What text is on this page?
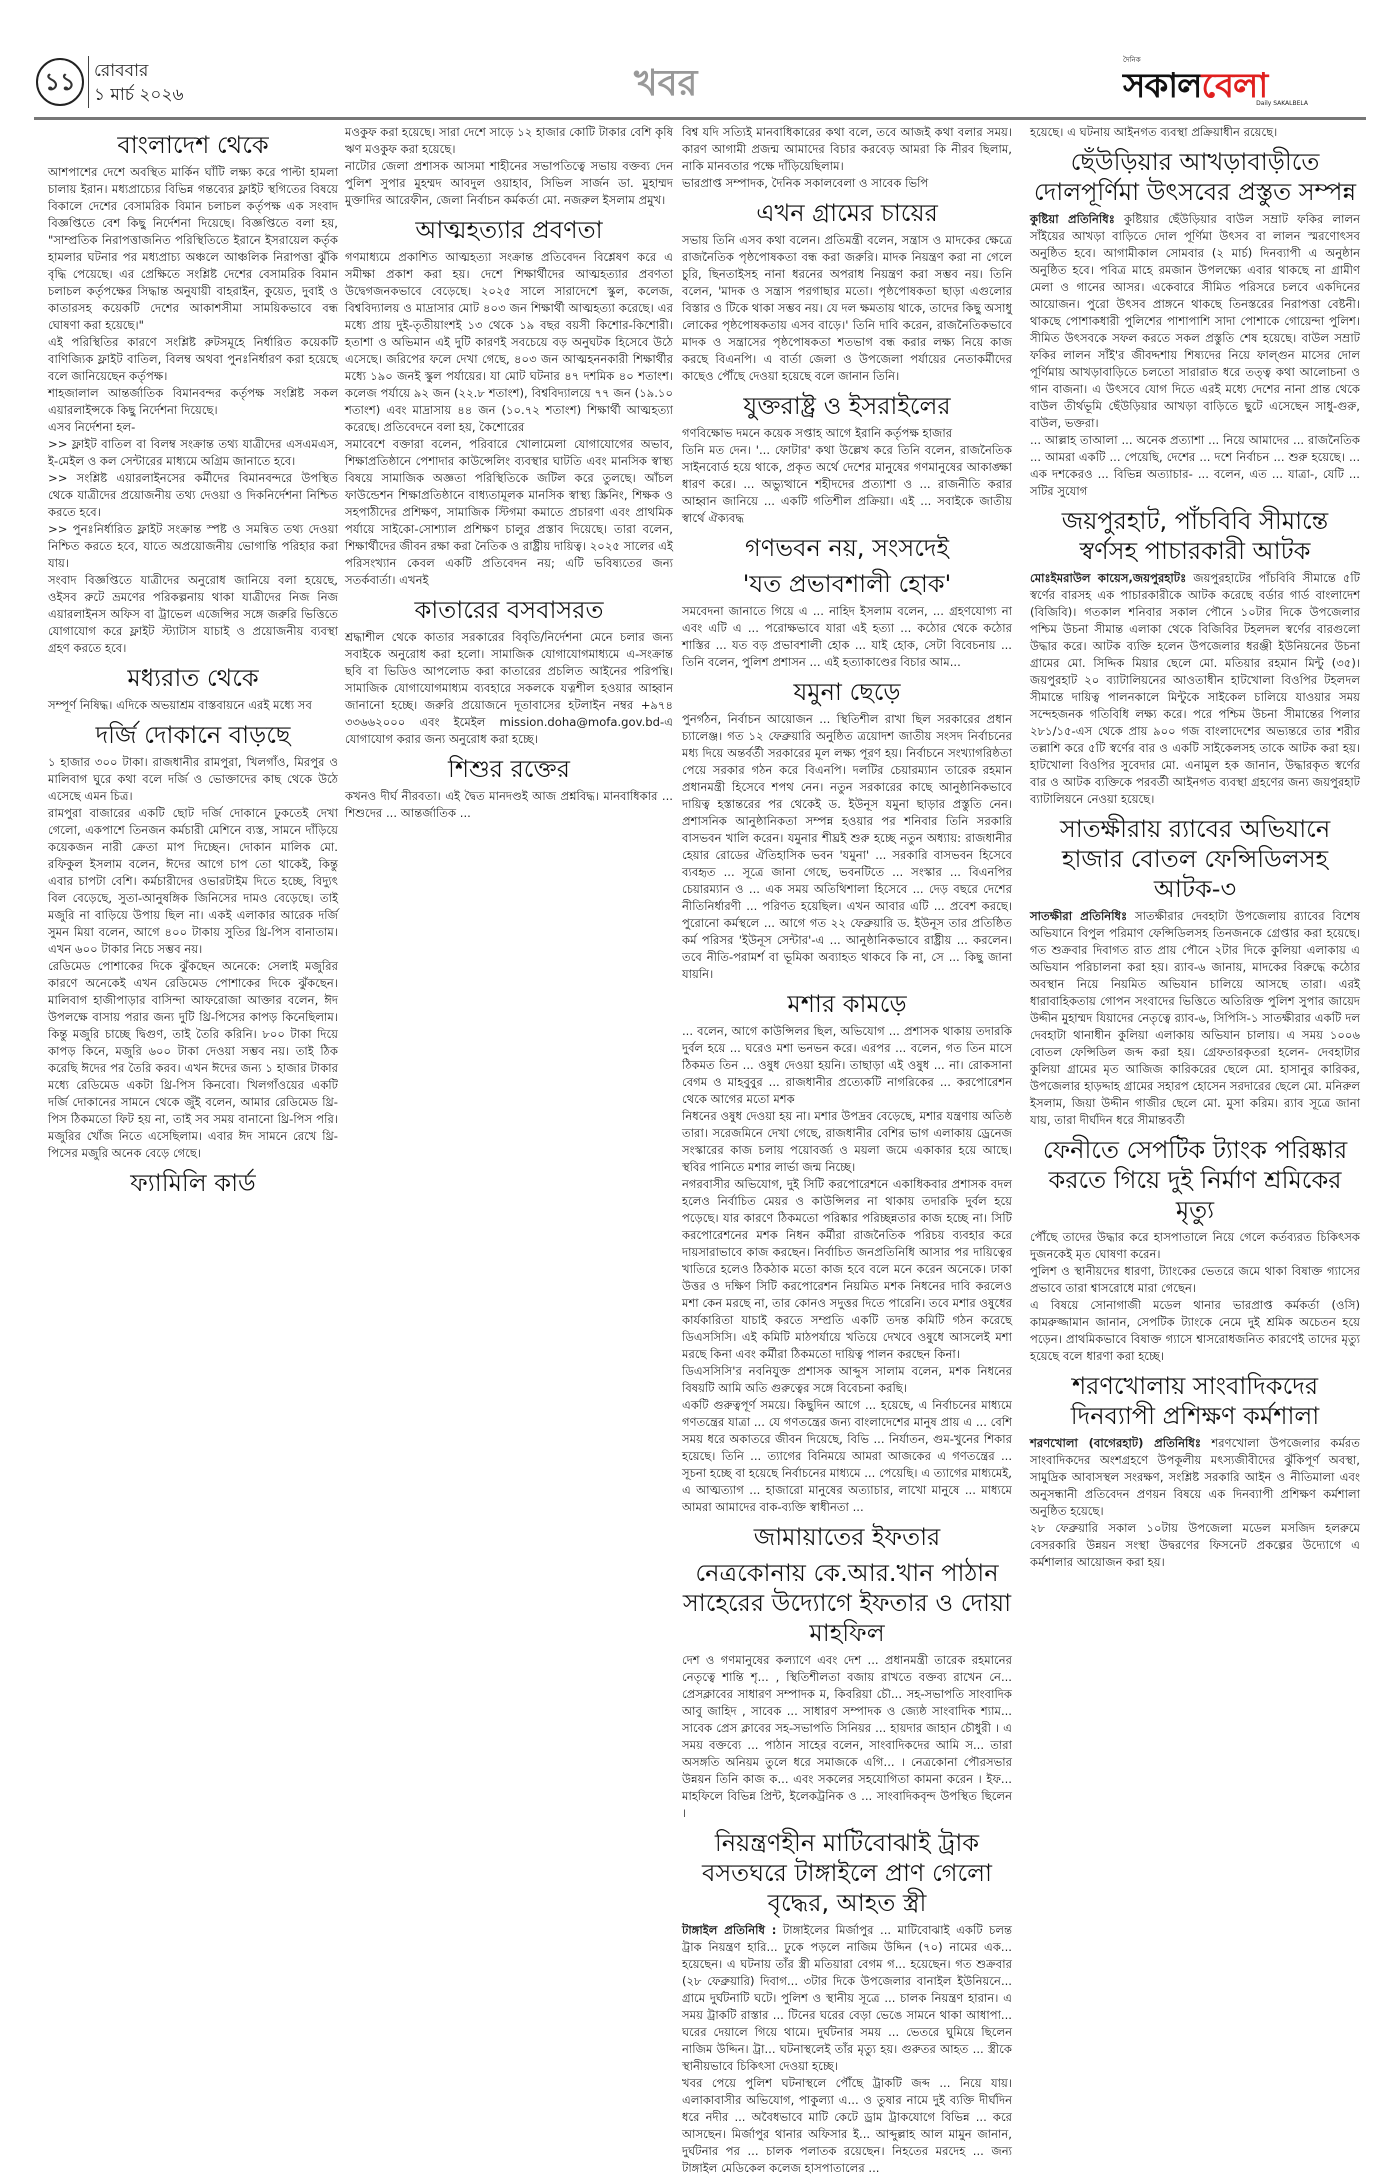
১১	রোববার
১ মার্চ ২০২৬	খবর
দৈনিক
সকালবেলা
Daily SAKALBELA
বাংলাদেশ থেকে

আশপাশের দেশে অবস্থিত মার্কিন ঘাঁটি লক্ষ্য করে পাল্টা হামলা চালায় ইরান। মধ্যপ্রাচ্যের বিভিন্ন গন্তব্যের ফ্লাইট স্থগিতের বিষয়ে বিকালে দেশের বেসামরিক বিমান চলাচল কর্তৃপক্ষ এক সংবাদ বিজ্ঞপ্তিতে বেশ কিছু নির্দেশনা দিয়েছে। বিজ্ঞপ্তিতে বলা হয়, "সাম্প্রতিক নিরাপত্তাজনিত পরিস্থিতিতে ইরানে ইসরায়েল কর্তৃক হামলার ঘটনার পর মধ্যপ্রাচ্য অঞ্চলে আঞ্চলিক নিরাপত্তা ঝুঁকি বৃদ্ধি পেয়েছে। এর প্রেক্ষিতে সংশ্লিষ্ট দেশের বেসামরিক বিমান চলাচল কর্তৃপক্ষের সিদ্ধান্ত অনুযায়ী বাহরাইন, কুয়েত, দুবাই ও কাতারসহ কয়েকটি দেশের আকাশসীমা সাময়িকভাবে বন্ধ ঘোষণা করা হয়েছে।"

এই পরিস্থিতির কারণে সংশ্লিষ্ট রুটসমূহে নির্ধারিত কয়েকটি বাণিজ্যিক ফ্লাইট বাতিল, বিলম্ব অথবা পুনঃনির্ধারণ করা হয়েছে বলে জানিয়েছেন কর্তৃপক্ষ।

শাহজালাল আন্তর্জাতিক বিমানবন্দর কর্তৃপক্ষ সংশ্লিষ্ট সকল এয়ারলাইন্সকে কিছু নির্দেশনা দিয়েছে।

এসব নির্দেশনা হল-

>> ফ্লাইট বাতিল বা বিলম্ব সংক্রান্ত তথ্য যাত্রীদের এসএমএস, ই-মেইল ও কল সেন্টারের মাধ্যমে অগ্রিম জানাতে হবে।

>> সংশ্লিষ্ট এয়ারলাইনসের কর্মীদের বিমানবন্দরে উপস্থিত থেকে যাত্রীদের প্রয়োজনীয় তথ্য দেওয়া ও দিকনির্দেশনা নিশ্চিত করতে হবে।

>> পুনঃনির্ধারিত ফ্লাইট সংক্রান্ত স্পষ্ট ও সমন্বিত তথ্য দেওয়া নিশ্চিত করতে হবে, যাতে অপ্রয়োজনীয় ভোগান্তি পরিহার করা যায়।

সংবাদ বিজ্ঞপ্তিতে যাত্রীদের অনুরোধ জানিয়ে বলা হয়েছে, ওইসব রুটে ভ্রমণের পরিকল্পনায় থাকা যাত্রীদের নিজ নিজ এয়ারলাইনস অফিস বা ট্রাভেল এজেন্সির সঙ্গে জরুরি ভিত্তিতে যোগাযোগ করে ফ্লাইট স্ট্যাটাস যাচাই ও প্রয়োজনীয় ব্যবস্থা গ্রহণ করতে হবে।

মধ্যরাত থেকে

সম্পূর্ণ নিষিদ্ধ। এদিকে অভয়াশ্রম বাস্তবায়নে এরই মধ্যে সব

দর্জি দোকানে বাড়ছে

১ হাজার ৩০০ টাকা। রাজধানীর রামপুরা, খিলগাঁও, মিরপুর ও মালিবাগ ঘুরে কথা বলে দর্জি ও ভোক্তাদের কাছ থেকে উঠে এসেছে এমন চিত্র।

রামপুরা বাজারের একটি ছোট দর্জি দোকানে ঢুকতেই দেখা গেলো, একপাশে তিনজন কর্মচারী মেশিনে ব্যস্ত, সামনে দাঁড়িয়ে কয়েকজন নারী ক্রেতা মাপ দিচ্ছেন। দোকান মালিক মো. রফিকুল ইসলাম বলেন, ঈদের আগে চাপ তো থাকেই, কিন্তু এবার চাপটা বেশি। কর্মচারীদের ওভারটাইম দিতে হচ্ছে, বিদ্যুৎ বিল বেড়েছে, সুতা-আনুষঙ্গিক জিনিসের দামও বেড়েছে। তাই মজুরি না বাড়িয়ে উপায় ছিল না। একই এলাকার আরেক দর্জি সুমন মিয়া বলেন, আগে ৪০০ টাকায় সুতির থ্রি-পিস বানাতাম। এখন ৬০০ টাকার নিচে সম্ভব নয়।

রেডিমেড পোশাকের দিকে ঝুঁকছেন অনেকে: সেলাই মজুরির কারণে অনেকেই এখন রেডিমেড পোশাকের দিকে ঝুঁকছেন। মালিবাগ হাজীপাড়ার বাসিন্দা আফরোজা আক্তার বলেন, ঈদ উপলক্ষে বাসায় পরার জন্য দুটি থ্রি-পিসের কাপড় কিনেছিলাম। কিন্তু মজুরি চাচ্ছে দ্বিগুণ, তাই তৈরি করিনি। ৮০০ টাকা দিয়ে কাপড় কিনে, মজুরি ৬০০ টাকা দেওয়া সম্ভব নয়। তাই ঠিক করেছি ঈদের পর তৈরি করব। এখন ঈদের জন্য ১ হাজার টাকার মধ্যে রেডিমেড একটা থ্রি-পিস কিনবো। খিলগাঁওয়ের একটি দর্জি দোকানের সামনে থেকে জুঁই বলেন, আমার রেডিমেড থ্রি-পিস ঠিকমতো ফিট হয় না, তাই সব সময় বানানো থ্রি-পিস পরি। মজুরির খোঁজ নিতে এসেছিলাম। এবার ঈদ সামনে রেখে থ্রি-পিসের মজুরি অনেক বেড়ে গেছে।

ফ্যামিলি কার্ড

মওকুফ করা হয়েছে। সারা দেশে সাড়ে ১২ হাজার কোটি টাকার বেশি কৃষি ঋণ মওকুফ করা হয়েছে।

নাটোর জেলা প্রশাসক আসমা শাহীনের সভাপতিত্বে সভায় বক্তব্য দেন পুলিশ সুপার মুহম্মদ আবদুল ওয়াহাব, সিভিল সার্জন ডা. মুহাম্মদ মুক্তাদির আরেফীন, জেলা নির্বাচন কর্মকর্তা মো. নজরুল ইসলাম প্রমুখ।

আত্মহত্যার প্রবণতা

গণমাধ্যমে প্রকাশিত আত্মহত্যা সংক্রান্ত প্রতিবেদন বিশ্লেষণ করে এ সমীক্ষা প্রকাশ করা হয়। দেশে শিক্ষার্থীদের আত্মহত্যার প্রবণতা উদ্বেগজনকভাবে বেড়েছে। ২০২৫ সালে সারাদেশে স্কুল, কলেজ, বিশ্ববিদ্যালয় ও মাদ্রাসার মোট ৪০৩ জন শিক্ষার্থী আত্মহত্যা করেছে। এর মধ্যে প্রায় দুই-তৃতীয়াংশই ১৩ থেকে ১৯ বছর বয়সী কিশোর-কিশোরী। হতাশা ও অভিমান এই দুটি কারণই সবচেয়ে বড় অনুঘটক হিসেবে উঠে এসেছে। জরিপের ফলে দেখা গেছে, ৪০৩ জন আত্মহননকারী শিক্ষার্থীর মধ্যে ১৯০ জনই স্কুল পর্যায়ের। যা মোট ঘটনার ৪৭ দশমিক ৪০ শতাংশ। কলেজ পর্যায়ে ৯২ জন (২২.৮ শতাংশ), বিশ্ববিদ্যালয়ে ৭৭ জন (১৯.১০ শতাংশ) এবং মাদ্রাসায় ৪৪ জন (১০.৭২ শতাংশ) শিক্ষার্থী আত্মহত্যা করেছে। প্রতিবেদনে বলা হয়, কৈশোরের

সমাবেশে বক্তারা বলেন, পরিবারে খোলামেলা যোগাযোগের অভাব, শিক্ষাপ্রতিষ্ঠানে পেশাদার কাউন্সেলিং ব্যবস্থার ঘাটতি এবং মানসিক স্বাস্থ্য বিষয়ে সামাজিক অজ্ঞতা পরিস্থিতিকে জটিল করে তুলছে। আঁচল ফাউন্ডেশন শিক্ষাপ্রতিষ্ঠানে বাধ্যতামূলক মানসিক স্বাস্থ্য স্ক্রিনিং, শিক্ষক ও সহপাঠীদের প্রশিক্ষণ, সামাজিক স্টিগমা কমাতে প্রচারণা এবং প্রাথমিক পর্যায়ে সাইকো-সোশ্যাল প্রশিক্ষণ চালুর প্রস্তাব দিয়েছে। তারা বলেন, শিক্ষার্থীদের জীবন রক্ষা করা নৈতিক ও রাষ্ট্রীয় দায়িত্ব। ২০২৫ সালের এই পরিসংখ্যান কেবল একটি প্রতিবেদন নয়; এটি ভবিষ্যতের জন্য সতর্কবার্তা। এখনই

কাতারের বসবাসরত

শ্রদ্ধাশীল থেকে কাতার সরকারের বিবৃতি/নির্দেশনা মেনে চলার জন্য সবাইকে অনুরোধ করা হলো। সামাজিক যোগাযোগমাধ্যমে এ-সংক্রান্ত ছবি বা ভিডিও আপলোড করা কাতারের প্রচলিত আইনের পরিপন্থি। সামাজিক যোগাযোগমাধ্যম ব্যবহারে সকলকে যত্নশীল হওয়ার আহ্বান জানানো হচ্ছে। জরুরি প্রয়োজনে দূতাবাসের হটলাইন নম্বর +৯৭৪ ৩৩৬৬২০০০ এবং ইমেইল mission.doha@mofa.gov.bd-এ যোগাযোগ করার জন্য অনুরোধ করা হচ্ছে।

শিশুর রক্তের

কখনও দীর্ঘ নীরবতা। এই দ্বৈত মানদণ্ডই আজ প্রশ্নবিদ্ধ। মানবাধিকার ... শিশুদের ... আন্তর্জাতিক ...

বিশ্ব যদি সত্যিই মানবাধিকারের কথা বলে, তবে আজই কথা বলার সময়। কারণ আগামী প্রজন্ম আমাদের বিচার করবেড় আমরা কি নীরব ছিলাম, নাকি মানবতার পক্ষে দাঁড়িয়েছিলাম।

ভারপ্রাপ্ত সম্পাদক, দৈনিক সকালবেলা ও সাবেক ভিপি

এখন গ্রামের চায়ের

সভায় তিনি এসব কথা বলেন। প্রতিমন্ত্রী বলেন, সন্ত্রাস ও মাদকের ক্ষেত্রে রাজনৈতিক পৃষ্ঠপোষকতা বন্ধ করা জরুরি। মাদক নিয়ন্ত্রণ করা না গেলে চুরি, ছিনতাইসহ নানা ধরনের অপরাধ নিয়ন্ত্রণ করা সম্ভব নয়। তিনি বলেন, 'মাদক ও সন্ত্রাস পরগাছার মতো। পৃষ্ঠপোষকতা ছাড়া এগুলোর বিস্তার ও টিকে থাকা সম্ভব নয়। যে দল ক্ষমতায় থাকে, তাদের কিছু অসাধু লোকের পৃষ্ঠপোষকতায় এসব বাড়ে।' তিনি দাবি করেন, রাজনৈতিকভাবে মাদক ও সন্ত্রাসের পৃষ্ঠপোষকতা শতভাগ বন্ধ করার লক্ষ্য নিয়ে কাজ করছে বিএনপি। এ বার্তা জেলা ও উপজেলা পর্যায়ের নেতাকর্মীদের কাছেও পৌঁছে দেওয়া হয়েছে বলে জানান তিনি।

যুক্তরাষ্ট্র ও ইসরাইলের

গণবিক্ষোভ দমনে কয়েক সপ্তাহ আগে ইরানি কর্তৃপক্ষ হাজার

তিনি মত দেন। '... ফোটার' কথা উল্লেখ করে তিনি বলেন, রাজনৈতিক সাইনবোর্ড হয়ে থাকে, প্রকৃত অর্থে দেশের মানুষের গণমানুষের আকাঙ্ক্ষা ধারণ করে। ... অভ্যুত্থানে শহীদদের প্রত্যাশা ও ... রাজনীতি করার আহ্বান জানিয়ে ... একটি গতিশীল প্রক্রিয়া। এই ... সবাইকে জাতীয় স্বার্থে ঐক্যবদ্ধ

গণভবন নয়, সংসদেই
'যত প্রভাবশালী হোক'

সমবেদনা জানাতে গিয়ে এ ... নাহিদ ইসলাম বলেন, ... গ্রহণযোগ্য না এবং এটি এ ... পরোক্ষভাবে যারা এই হত্যা ... কঠোর থেকে কঠোর শাস্তির ... যত বড় প্রভাবশালী হোক ... যাই হোক, সেটা বিবেচনায় ... তিনি বলেন, পুলিশ প্রশাসন ... এই হত্যাকাণ্ডের বিচার আম...

যমুনা ছেড়ে

পুনর্গঠন, নির্বাচন আয়োজন ... স্থিতিশীল রাখা ছিল সরকারের প্রধান চ্যালেঞ্জ। গত ১২ ফেব্রুয়ারি অনুষ্ঠিত ত্রয়োদশ জাতীয় সংসদ নির্বাচনের মধ্য দিয়ে অন্তর্বর্তী সরকারের মূল লক্ষ্য পূরণ হয়। নির্বাচনে সংখ্যাগরিষ্ঠতা পেয়ে সরকার গঠন করে বিএনপি। দলটির চেয়ারম্যান তারেক রহমান প্রধানমন্ত্রী হিসেবে শপথ নেন। নতুন সরকারের কাছে আনুষ্ঠানিকভাবে দায়িত্ব হস্তান্তরের পর থেকেই ড. ইউনূস যমুনা ছাড়ার প্রস্তুতি নেন। প্রশাসনিক আনুষ্ঠানিকতা সম্পন্ন হওয়ার পর শনিবার তিনি সরকারি বাসভবন খালি করেন। যমুনার শীঘ্রই শুরু হচ্ছে নতুন অধ্যায়: রাজধানীর হেয়ার রোডের ঐতিহাসিক ভবন 'যমুনা' ... সরকারি বাসভবন হিসেবে ব্যবহৃত ... সূত্রে জানা গেছে, ভবনটিতে ... সংস্কার ... বিএনপির চেয়ারম্যান ও ... এক সময় অতিথিশালা হিসেবে ... দেড় বছরে দেশের নীতিনির্ধারণী ... পরিণত হয়েছিল। এখন আবার এটি ... প্রবেশ করছে। পুরোনো কর্মস্থলে ... আগে গত ২২ ফেব্রুয়ারি ড. ইউনূস তার প্রতিষ্ঠিত কর্ম পরিসর 'ইউনূস সেন্টার'-এ ... আনুষ্ঠানিকভাবে রাষ্ট্রীয় ... করলেন। তবে নীতি-পরামর্শ বা ভূমিকা অব্যাহত থাকবে কি না, সে ... কিছু জানা যায়নি।

মশার কামড়ে

... বলেন, আগে কাউন্সিলর ছিল, অভিযোগ ... প্রশাসক থাকায় তদারকি দুর্বল হয়ে ... ঘরেও মশা ভনভন করে। এরপর ... বলেন, গত তিন মাসে ঠিকমত তিন ... ওষুধ দেওয়া হয়নি। তাছাড়া এই ওষুধ ... না। রোকসানা বেগম ও মাহবুবুর ... রাজধানীর প্রত্যেকটি নাগরিকের ... করপোরেশন থেকে আগের মতো মশক

নিধনের ওষুধ দেওয়া হয় না। মশার উপদ্রব বেড়েছে, মশার যন্ত্রণায় অতিষ্ঠ তারা। সরেজমিনে দেখা গেছে, রাজধানীর বেশির ভাগ এলাকায় ড্রেনেজ সংস্কারের কাজ চলায় পয়োবর্জ্য ও ময়লা জমে একাকার হয়ে আছে। স্থবির পানিতে মশার লার্ভা জন্ম নিচ্ছে।

নগরবাসীর অভিযোগ, দুই সিটি করপোরেশনে একাধিকবার প্রশাসক বদল হলেও নির্বাচিত মেয়র ও কাউন্সিলর না থাকায় তদারকি দুর্বল হয়ে পড়েছে। যার কারণে ঠিকমতো পরিষ্কার পরিচ্ছন্নতার কাজ হচ্ছে না। সিটি করপোরেশনের মশক নিধন কর্মীরা রাজনৈতিক পরিচয় ব্যবহার করে দায়সারাভাবে কাজ করছেন। নির্বাচিত জনপ্রতিনিধি আসার পর দায়িত্বের খাতিরে হলেও ঠিকঠাক মতো কাজ হবে বলে মনে করেন অনেকে। ঢাকা উত্তর ও দক্ষিণ সিটি করপোরেশন নিয়মিত মশক নিধনের দাবি করলেও মশা কেন মরছে না, তার কোনও সদুত্তর দিতে পারেনি। তবে মশার ওষুধের কার্যকারিতা যাচাই করতে সম্প্রতি একটি তদন্ত কমিটি গঠন করেছে ডিএসসিসি। এই কমিটি মাঠপর্যায়ে খতিয়ে দেখবে ওষুধে আসলেই মশা মরছে কিনা এবং কর্মীরা ঠিকমতো দায়িত্ব পালন করছেন কিনা।

ডিএসসিসি'র নবনিযুক্ত প্রশাসক আব্দুস সালাম বলেন, মশক নিধনের বিষয়টি আমি অতি গুরুত্বের সঙ্গে বিবেচনা করছি।

একটি গুরুত্বপূর্ণ সময়ে। কিছুদিন আগে ... হয়েছে, এ নির্বাচনের মাধ্যমে গণতন্ত্রের যাত্রা ... যে গণতন্ত্রের জন্য বাংলাদেশের মানুষ প্রায় এ ... বেশি সময় ধরে অকাতরে জীবন দিয়েছে, বিভি ... নির্যাতন, গুম-খুনের শিকার হয়েছে। তিনি ... ত্যাগের বিনিময়ে আমরা আজকের এ গণতন্ত্রের ... সূচনা হচ্ছে বা হয়েছে নির্বাচনের মাধ্যমে ... পেয়েছি। এ ত্যাগের মাধ্যমেই, এ আত্মত্যাগ ... হাজারো মানুষের অত্যাচার, লাখো মানুষে ... মাধ্যমে আমরা আমাদের বাক-ব্যক্তি স্বাধীনতা ...

জামায়াতের ইফতার
নেত্রকোনায় কে.আর.খান পাঠান সাহেরের উদ্যোগে ইফতার ও দোয়া মাহফিল

দেশ ও গণমানুষের কল্যাণে এবং দেশ ... প্রধানমন্ত্রী তারেক রহমানের নেতৃত্বে শান্তি শৃ... , স্থিতিশীলতা বজায় রাখতে বক্তব্য রাখেন নে... প্রেসক্লাবের সাধারণ সম্পাদক ম, কিবরিয়া চৌ... সহ-সভাপতি সাংবাদিক আবু জাহিদ , সাবেক ... সাধারণ সম্পাদক ও জ্যেষ্ঠ সাংবাদিক শ্যাম... সাবেক প্রেস ক্লাবের সহ-সভাপতি সিনিয়র ... হায়দার জাহান চৌধুরী । এ সময় বক্তব্যে ... পাঠান সাহের বলেন, সাংবাদিকদের আমি স... তারা অসঙ্গতি অনিয়ম তুলে ধরে সমাজকে এগি... । নেত্রকোনা পৌরসভার উন্নয়ন তিনি কাজ ক... এবং সকলের সহযোগিতা কামনা করেন । ইফ... মাহফিলে বিভিন্ন প্রিন্ট, ইলেকট্রনিক ও ... সাংবাদিকবৃন্দ উপস্থিত ছিলেন ।

নিয়ন্ত্রণহীন মাটিবোঝাই ট্রাক বসতঘরে টাঙ্গাইলে প্রাণ গেলো বৃদ্ধের, আহত স্ত্রী

টাঙ্গাইল প্রতিনিধি : টাঙ্গাইলের মির্জাপুর ... মাটিবোঝাই একটি চলন্ত ট্রাক নিয়ন্ত্রণ হারি... ঢুকে পড়লে নাজিম উদ্দিন (৭০) নামের এক... হয়েছেন। এ ঘটনায় তাঁর স্ত্রী মতিয়ারা বেগম গ... হয়েছেন। গত শুক্রবার (২৮ ফেব্রুয়ারি) দিবাগ... ৩টার দিকে উপজেলার বানাইল ইউনিয়নে... গ্রামে দুর্ঘটনাটি ঘটে। পুলিশ ও স্থানীয় সূত্রে ... চালক নিয়ন্ত্রণ হারান। এ সময় ট্রাকটি রাস্তার ... টিনের ঘরের বেড়া ভেঙে সামনে থাকা আধাপা... ঘরের দেয়ালে গিয়ে থামে। দুর্ঘটনার সময় ... ভেতরে ঘুমিয়ে ছিলেন নাজিম উদ্দিন। ট্রা... ঘটনাস্থলেই তাঁর মৃত্যু হয়। গুরুতর আহত ... স্ত্রীকে স্থানীয়ভাবে চিকিৎসা দেওয়া হচ্ছে।

খবর পেয়ে পুলিশ ঘটনাস্থলে পৌঁছে ট্রাকটি জব্দ ... নিয়ে যায়। এলাকাবাসীর অভিযোগ, পাকুল্যা এ... ও তুষার নামে দুই ব্যক্তি দীর্ঘদিন ধরে নদীর ... অবৈধভাবে মাটি কেটে ড্রাম ট্রাকযোগে বিভিন্ন ... করে আসছেন। মির্জাপুর থানার অফিসার ই... আব্দুল্লাহ আল মামুন জানান, দুর্ঘটনার পর ... চালক পলাতক রয়েছেন। নিহতের মরদেহ ... জন্য টাঙ্গাইল মেডিকেল কলেজ হাসপাতালের ...

হয়েছে। এ ঘটনায় আইনগত ব্যবস্থা প্রক্রিয়াধীন রয়েছে।

ছেঁউড়িয়ার আখড়াবাড়ীতে দোলপূর্ণিমা উৎসবের প্রস্তুত সম্পন্ন

কুষ্টিয়া প্রতিনিধিঃ কুষ্টিয়ার ছেঁউড়িয়ার বাউল সম্রাট ফকির লালন সাঁইয়ের আখড়া বাড়িতে দোল পূর্ণিমা উৎসব বা লালন স্মরণোৎসব অনুষ্ঠিত হবে। আগামীকাল সোমবার (২ মার্চ) দিনব্যাপী এ অনুষ্ঠান অনুষ্ঠিত হবে। পবিত্র মাহে রমজান উপলক্ষ্যে এবার থাকছে না গ্রামীণ মেলা ও গানের আসর। একেবারে সীমিত পরিসরে চলবে একদিনের আয়োজন। পুরো উৎসব প্রাঙ্গনে থাকছে তিনস্তরের নিরাপত্তা বেষ্টনী। থাকছে পোশাকধারী পুলিশের পাশাপাশি সাদা পোশাকে গোয়েন্দা পুলিশ। সীমিত উৎসবকে সফল করতে সকল প্রস্তুতি শেষ হয়েছে। বাউল সম্রাট ফকির লালন সাঁই'র জীবদ্দশায় শিষ্যদের নিয়ে ফাল্গুন মাসের দোল পূর্ণিমায় আখড়াবাড়িতে চলতো সারারাত ধরে তত্ত্ব কথা আলোচনা ও গান বাজনা। এ উৎসবে যোগ দিতে এরই মধ্যে দেশের নানা প্রান্ত থেকে বাউল তীর্থভূমি ছেঁউড়িয়ার আখড়া বাড়িতে ছুটে এসেছেন সাধু-গুরু, বাউল, ভক্তরা।

... আল্লাহ তাআলা ... অনেক প্রত্যাশা ... নিয়ে আমাদের ... রাজনৈতিক ... আমরা একটি ... পেয়েছি, দেশের ... দশে নির্বাচন ... শুরু হয়েছে। ... এক দশকেরও ... বিভিন্ন অত্যাচার- ... বলেন, এত ... যাত্রা-, যেটি ... সটির সুযোগ

জয়পুরহাট, পাঁচবিবি সীমান্তে স্বর্ণসহ পাচারকারী আটক

মোঃইমরাউল কায়েস,জয়পুরহাটঃ জয়পুরহাটের পাঁচবিবি সীমান্তে ৫টি স্বর্ণের বারসহ এক পাচারকারীকে আটক করেছে বর্ডার গার্ড বাংলাদেশ (বিজিবি)। গতকাল শনিবার সকাল পৌনে ১০টার দিকে উপজেলার পশ্চিম উচনা সীমান্ত এলাকা থেকে বিজিবির টহলদল স্বর্ণের বারগুলো উদ্ধার করে। আটক ব্যক্তি হলেন উপজেলার ধরঞ্জী ইউনিয়নের উচনা গ্রামের মো. সিদ্দিক মিয়ার ছেলে মো. মতিয়ার রহমান মিন্টু (৩৫)। জয়পুরহাট ২০ ব্যাটালিয়নের আওতাধীন হাটখোলা বিওপির টহলদল সীমান্তে দায়িত্ব পালনকালে মিন্টুকে সাইকেল চালিয়ে যাওয়ার সময় সন্দেহজনক গতিবিধি লক্ষ্য করে। পরে পশ্চিম উচনা সীমান্তের পিলার ২৮১/১৫-এস থেকে প্রায় ৯০০ গজ বাংলাদেশের অভ্যন্তরে তার শরীর তল্লাশি করে ৫টি স্বর্ণের বার ও একটি সাইকেলসহ তাকে আটক করা হয়। হাটখোলা বিওপির সুবেদার মো. এনামুল হক জানান, উদ্ধারকৃত স্বর্ণের বার ও আটক ব্যক্তিকে পরবর্তী আইনগত ব্যবস্থা গ্রহণের জন্য জয়পুরহাট ব্যাটালিয়নে নেওয়া হয়েছে।

সাতক্ষীরায় র‍্যাবের অভিযানে হাজার বোতল ফেন্সিডিলসহ আটক-৩

সাতক্ষীরা প্রতিনিধিঃ সাতক্ষীরার দেবহাটা উপজেলায় র‍্যাবের বিশেষ অভিযানে বিপুল পরিমাণ ফেন্সিডিলসহ তিনজনকে গ্রেপ্তার করা হয়েছে। গত শুক্রবার দিবাগত রাত প্রায় পৌনে ২টার দিকে কুলিয়া এলাকায় এ অভিযান পরিচালনা করা হয়। র‍্যাব-৬ জানায়, মাদকের বিরুদ্ধে কঠোর অবস্থান নিয়ে নিয়মিত অভিযান চালিয়ে আসছে তারা। এরই ধারাবাহিকতায় গোপন সংবাদের ভিত্তিতে অতিরিক্ত পুলিশ সুপার জায়েদ উদ্দীন মুহাম্মদ যিয়াদের নেতৃত্বে র‍্যাব-৬, সিপিসি-১ সাতক্ষীরার একটি দল দেবহাটা থানাধীন কুলিয়া এলাকায় অভিযান চালায়। এ সময় ১০০৬ বোতল ফেন্সিডিল জব্দ করা হয়। গ্রেফতারকৃতরা হলেন- দেবহাটার কুলিয়া গ্রামের মৃত আজিজ কারিকরের ছেলে মো. হাসানুর কারিকর, উপজেলার হাড়দ্দাহ গ্রামের সহারপ হোসেন সরদারের ছেলে মো. মনিরুল ইসলাম, জিয়া উদ্দীন গাজীর ছেলে মো. মুসা করিম। র‍্যাব সূত্রে জানা যায়, তারা দীর্ঘদিন ধরে সীমান্তবর্তী

ফেনীতে সেপটিক ট্যাংক পরিষ্কার করতে গিয়ে দুই নির্মাণ শ্রমিকের মৃত্যু

পৌঁছে তাদের উদ্ধার করে হাসপাতালে নিয়ে গেলে কর্তব্যরত চিকিৎসক দুজনকেই মৃত ঘোষণা করেন।

পুলিশ ও স্থানীয়দের ধারণা, ট্যাংকের ভেতরে জমে থাকা বিষাক্ত গ্যাসের প্রভাবে তারা শ্বাসরোধে মারা গেছেন।

এ বিষয়ে সোনাগাজী মডেল থানার ভারপ্রাপ্ত কর্মকর্তা (ওসি) কামরুজ্জামান জানান, সেপটিক ট্যাংকে নেমে দুই শ্রমিক অচেতন হয়ে পড়েন। প্রাথমিকভাবে বিষাক্ত গ্যাসে শ্বাসরোধজনিত কারণেই তাদের মৃত্যু হয়েছে বলে ধারণা করা হচ্ছে।

শরণখোলায় সাংবাদিকদের দিনব্যাপী প্রশিক্ষণ কর্মশালা

শরণখোলা (বাগেরহাট) প্রতিনিধিঃ শরণখোলা উপজেলার কর্মরত সাংবাদিকদের অংশগ্রহণে উপকূলীয় মৎস্যজীবীদের ঝুঁকিপূর্ণ অবস্থা, সামুদ্রিক আবাসস্থল সংরক্ষণ, সংশ্লিষ্ট সরকারি আইন ও নীতিমালা এবং অনুসন্ধানী প্রতিবেদন প্রণয়ন বিষয়ে এক দিনব্যাপী প্রশিক্ষণ কর্মশালা অনুষ্ঠিত হয়েছে।

২৮ ফেব্রুয়ারি সকাল ১০টায় উপজেলা মডেল মসজিদ হলরুমে বেসরকারি উন্নয়ন সংস্থা উদ্বরণের ফিসনেট প্রকল্পের উদ্যোগে এ কর্মশালার আয়োজন করা হয়।
